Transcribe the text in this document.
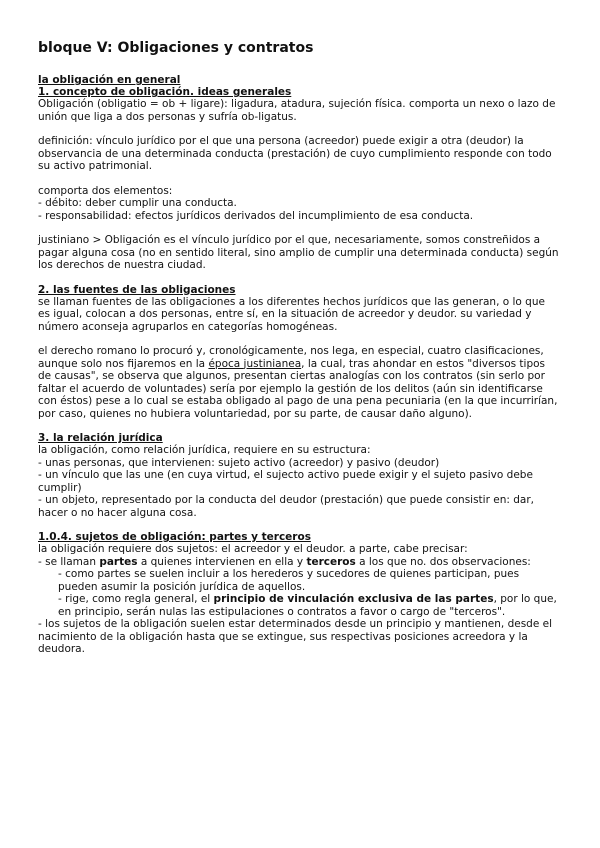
bloque V: Obligaciones y contratos
la obligación en general
1. concepto de obligación. ideas generales

Obligación (obligatio = ob + ligare): ligadura, atadura, sujeción física. comporta un nexo o lazo de unión que liga a dos personas y sufría ob-ligatus.

definición: vínculo jurídico por el que una persona (acreedor) puede exigir a otra (deudor) la observancia de una determinada conducta (prestación) de cuyo cumplimiento responde con todo su activo patrimonial.

comporta dos elementos:

- débito: deber cumplir una conducta.

- responsabilidad: efectos jurídicos derivados del incumplimiento de esa conducta.

justiniano > Obligación es el vínculo jurídico por el que, necesariamente, somos constreñidos a pagar alguna cosa (no en sentido literal, sino amplio de cumplir una determinada conducta) según los derechos de nuestra ciudad.

2. las fuentes de las obligaciones

se llaman fuentes de las obligaciones a los diferentes hechos jurídicos que las generan, o lo que es igual, colocan a dos personas, entre sí, en la situación de acreedor y deudor. su variedad y número aconseja agruparlos en categorías homogéneas.

el derecho romano lo procuró y, cronológicamente, nos lega, en especial, cuatro clasificaciones, aunque solo nos fijaremos en la época justinianea, la cual, tras ahondar en estos "diversos tipos de causas", se observa que algunos, presentan ciertas analogías con los contratos (sin serlo por faltar el acuerdo de voluntades) sería por ejemplo la gestión de los delitos (aún sin identificarse con éstos) pese a lo cual se estaba obligado al pago de una pena pecuniaria (en la que incurrirían, por caso, quienes no hubiera voluntariedad, por su parte, de causar daño alguno).

3. la relación jurídica

la obligación, como relación jurídica, requiere en su estructura:

- unas personas, que intervienen: sujeto activo (acreedor) y pasivo (deudor)

- un vínculo que las une (en cuya virtud, el sujecto activo puede exigir y el sujeto pasivo debe cumplir)

- un objeto, representado por la conducta del deudor (prestación) que puede consistir en: dar, hacer o no hacer alguna cosa.

1.0.4. sujetos de obligación: partes y terceros

la obligación requiere dos sujetos: el acreedor y el deudor. a parte, cabe precisar:

- se llaman partes a quienes intervienen en ella y terceros a los que no. dos observaciones:

- como partes se suelen incluir a los herederos y sucedores de quienes participan, pues pueden asumir la posición jurídica de aquellos.

- rige, como regla general, el principio de vinculación exclusiva de las partes, por lo que, en principio, serán nulas las estipulaciones o contratos a favor o cargo de "terceros".

- los sujetos de la obligación suelen estar determinados desde un principio y mantienen, desde el nacimiento de la obligación hasta que se extingue, sus respectivas posiciones acreedora y la deudora.
